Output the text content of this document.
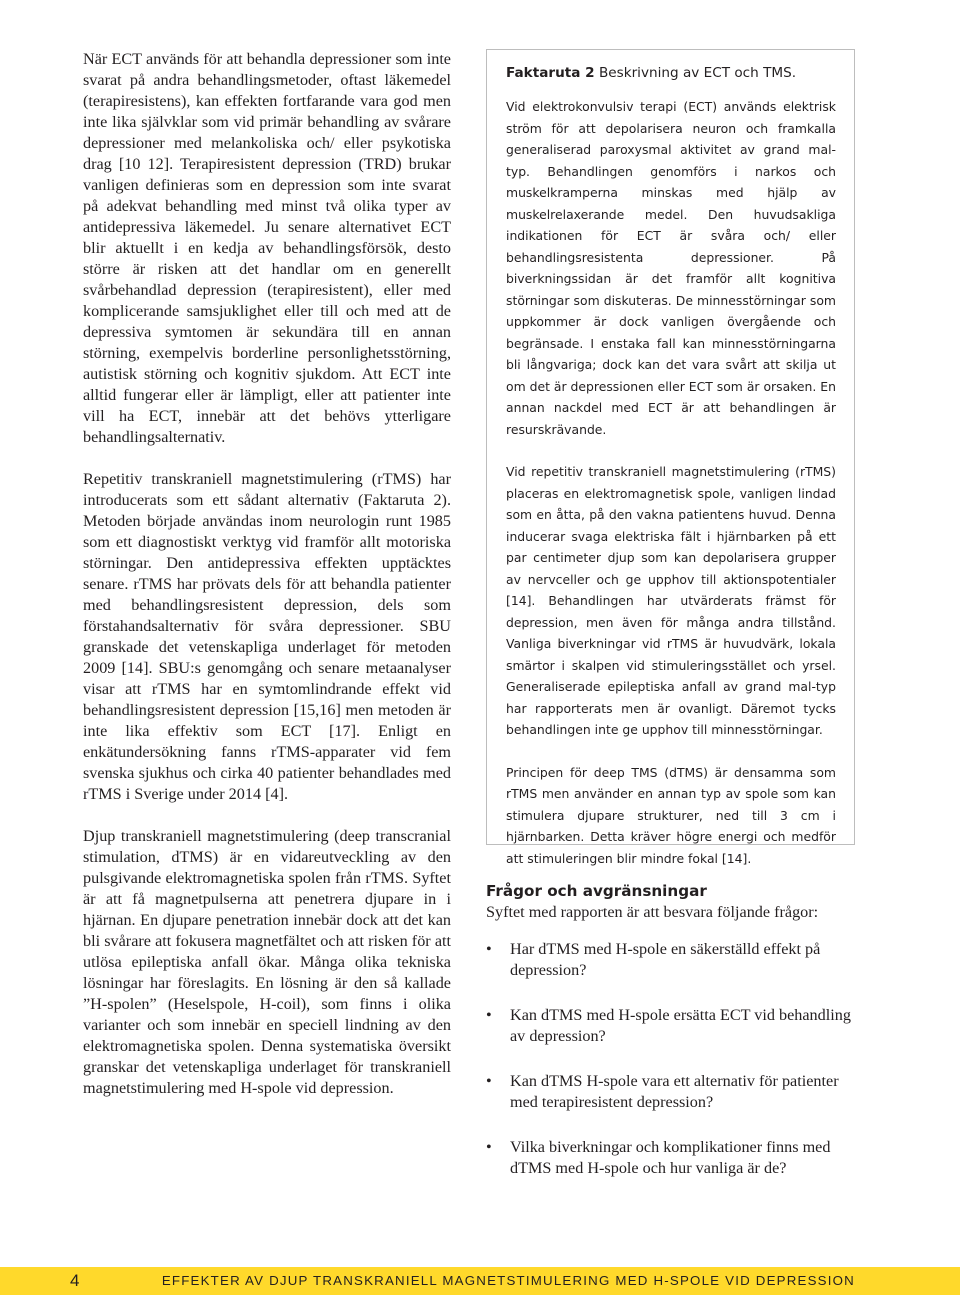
När ECT används för att behandla depressioner som inte svarat på andra behandlingsmetoder, oftast läkemedel (terapiresistens), kan effekten fortfarande vara god men inte lika självklar som vid primär behandling av svårare depressioner med melankoliska och/ eller psykotiska drag [10 12]. Terapiresistent depression (TRD) brukar vanligen definieras som en depression som inte svarat på adekvat behandling med minst två olika typer av antidepressiva läkemedel. Ju senare alternativet ECT blir aktuellt i en kedja av behandlingsförsök, desto större är risken att det handlar om en generellt svårbehandlad depression (terapiresistent), eller med komplicerande samsjuklighet eller till och med att de depressiva symtomen är sekundära till en annan störning, exempelvis borderline personlighetsstörning, autistisk störning och kognitiv sjukdom. Att ECT inte alltid fungerar eller är lämpligt, eller att patienter inte vill ha ECT, innebär att det behövs ytterligare behandlingsalternativ.

Repetitiv transkraniell magnetstimulering (rTMS) har introducerats som ett sådant alternativ (Faktaruta 2). Metoden började användas inom neurologin runt 1985 som ett diagnostiskt verktyg vid framför allt motoriska störningar. Den antidepressiva effekten upptäcktes senare. rTMS har prövats dels för att behandla patienter med behandlingsresistent depression, dels som förstahandsalternativ för svåra depressioner. SBU granskade det vetenskapliga underlaget för metoden 2009 [14]. SBU:s genomgång och senare metaanalyser visar att rTMS har en symtomlindrande effekt vid behandlingsresistent depression [15,16] men metoden är inte lika effektiv som ECT [17]. Enligt en enkätundersökning fanns rTMS-apparater vid fem svenska sjukhus och cirka 40 patienter behandlades med rTMS i Sverige under 2014 [4].

Djup transkraniell magnetstimulering (deep transcranial stimulation, dTMS) är en vidareutveckling av den pulsgivande elektromagnetiska spolen från rTMS. Syftet är att få magnetpulserna att penetrera djupare in i hjärnan. En djupare penetration innebär dock att det kan bli svårare att fokusera magnetfältet och att risken för att utlösa epileptiska anfall ökar. Många olika tekniska lösningar har föreslagits. En lösning är den så kallade ”H-spolen” (Heselspole, H-coil), som finns i olika varianter och som innebär en speciell lindning av den elektromagnetiska spolen. Denna systematiska översikt granskar det vetenskapliga underlaget för transkraniell magnetstimulering med H-spole vid depression.

Faktaruta 2 Beskrivning av ECT och TMS.

Vid elektrokonvulsiv terapi (ECT) används elektrisk ström för att depolarisera neuron och framkalla generaliserad paroxysmal aktivitet av grand mal-typ. Behandlingen genomförs i narkos och muskelkramperna minskas med hjälp av muskelrelaxerande medel. Den huvudsakliga indikationen för ECT är svåra och/ eller behandlingsresistenta depressioner. På biverkningssidan är det framför allt kognitiva störningar som diskuteras. De minnesstörningar som uppkommer är dock vanligen övergående och begränsade. I enstaka fall kan minnesstörningarna bli långvariga; dock kan det vara svårt att skilja ut om det är depressionen eller ECT som är orsaken. En annan nackdel med ECT är att behandlingen är resurskrävande.

Vid repetitiv transkraniell magnetstimulering (rTMS) placeras en elektromagnetisk spole, vanligen lindad som en åtta, på den vakna patientens huvud. Denna inducerar svaga elektriska fält i hjärnbarken på ett par centimeter djup som kan depolarisera grupper av nervceller och ge upphov till aktionspotentialer [14]. Behandlingen har utvärderats främst för depression, men även för många andra tillstånd. Vanliga biverkningar vid rTMS är huvudvärk, lokala smärtor i skalpen vid stimuleringsstället och yrsel. Generaliserade epileptiska anfall av grand mal-typ har rapporterats men är ovanligt. Däremot tycks behandlingen inte ge upphov till minnesstörningar.

Principen för deep TMS (dTMS) är densamma som rTMS men använder en annan typ av spole som kan stimulera djupare strukturer, ned till 3 cm i hjärnbarken. Detta kräver högre energi och medför att stimuleringen blir mindre fokal [14].

Frågor och avgränsningar

Syftet med rapporten är att besvara följande frågor:

• Har dTMS med H-spole en säkerställd effekt på depression?
• Kan dTMS med H-spole ersätta ECT vid behandling av depression?
• Kan dTMS H-spole vara ett alternativ för patienter med terapiresistent depression?
• Vilka biverkningar och komplikationer finns med dTMS med H-spole och hur vanliga är de?
4	EFFEKTER AV DJUP TRANSKRANIELL MAGNETSTIMULERING MED H-SPOLE VID DEPRESSION
